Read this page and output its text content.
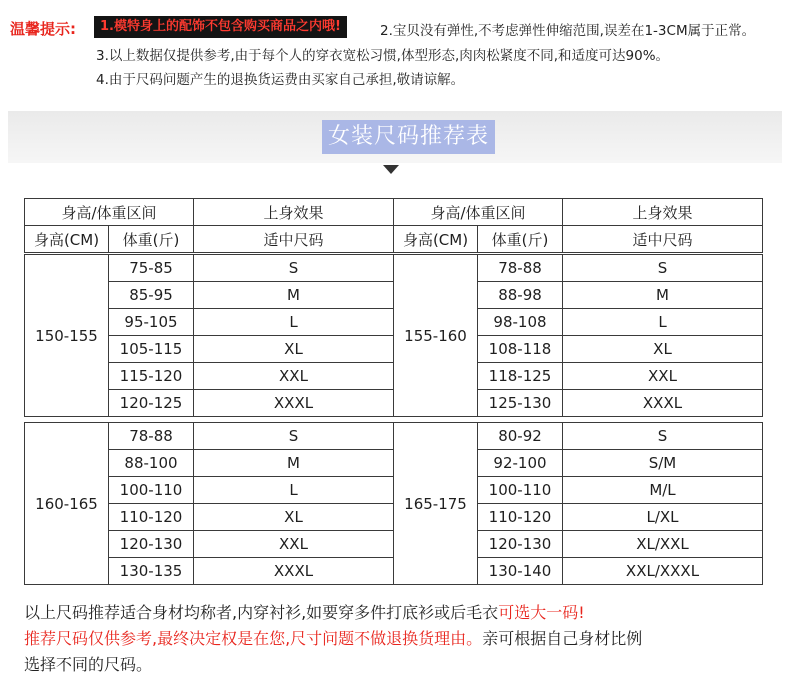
温馨提示:	1.模特身上的配饰不包含购买商品之内哦!	2.宝贝没有弹性,不考虑弹性伸缩范围,误差在1-3CM属于正常。
3.以上数据仅提供参考,由于每个人的穿衣宽松习惯,体型形态,肉肉松紧度不同,和适度可达90%。
4.由于尺码问题产生的退换货运费由买家自己承担,敬请谅解。
女装尺码推荐表
身高/体重区间		上身效果	身高/体重区间		上身效果
身高(CM)	体重(斤)	适中尺码	身高(CM)	体重(斤)	适中尺码

150-155	75-85	S	155-160	78-88	S
	85-95	M		88-98	M
	95-105	L		98-108	L
	105-115	XL		108-118	XL
	115-120	XXL		118-125	XXL
	120-125	XXXL		125-130	XXXL
160-165	78-88	S	165-175	80-92	S
	88-100	M		92-100	S/M
	100-110	L		100-110	M/L
	110-120	XL		110-120	L/XL
	120-130	XXL		120-130	XL/XXL
	130-135	XXXL		130-140	XXL/XXXL

以上尺码推荐适合身材均称者,内穿衬衫,如要穿多件打底衫或后毛衣可选大一码!

推荐尺码仅供参考,最终决定权是在您,尺寸问题不做退换货理由。亲可根据自己身材比例

选择不同的尺码。
